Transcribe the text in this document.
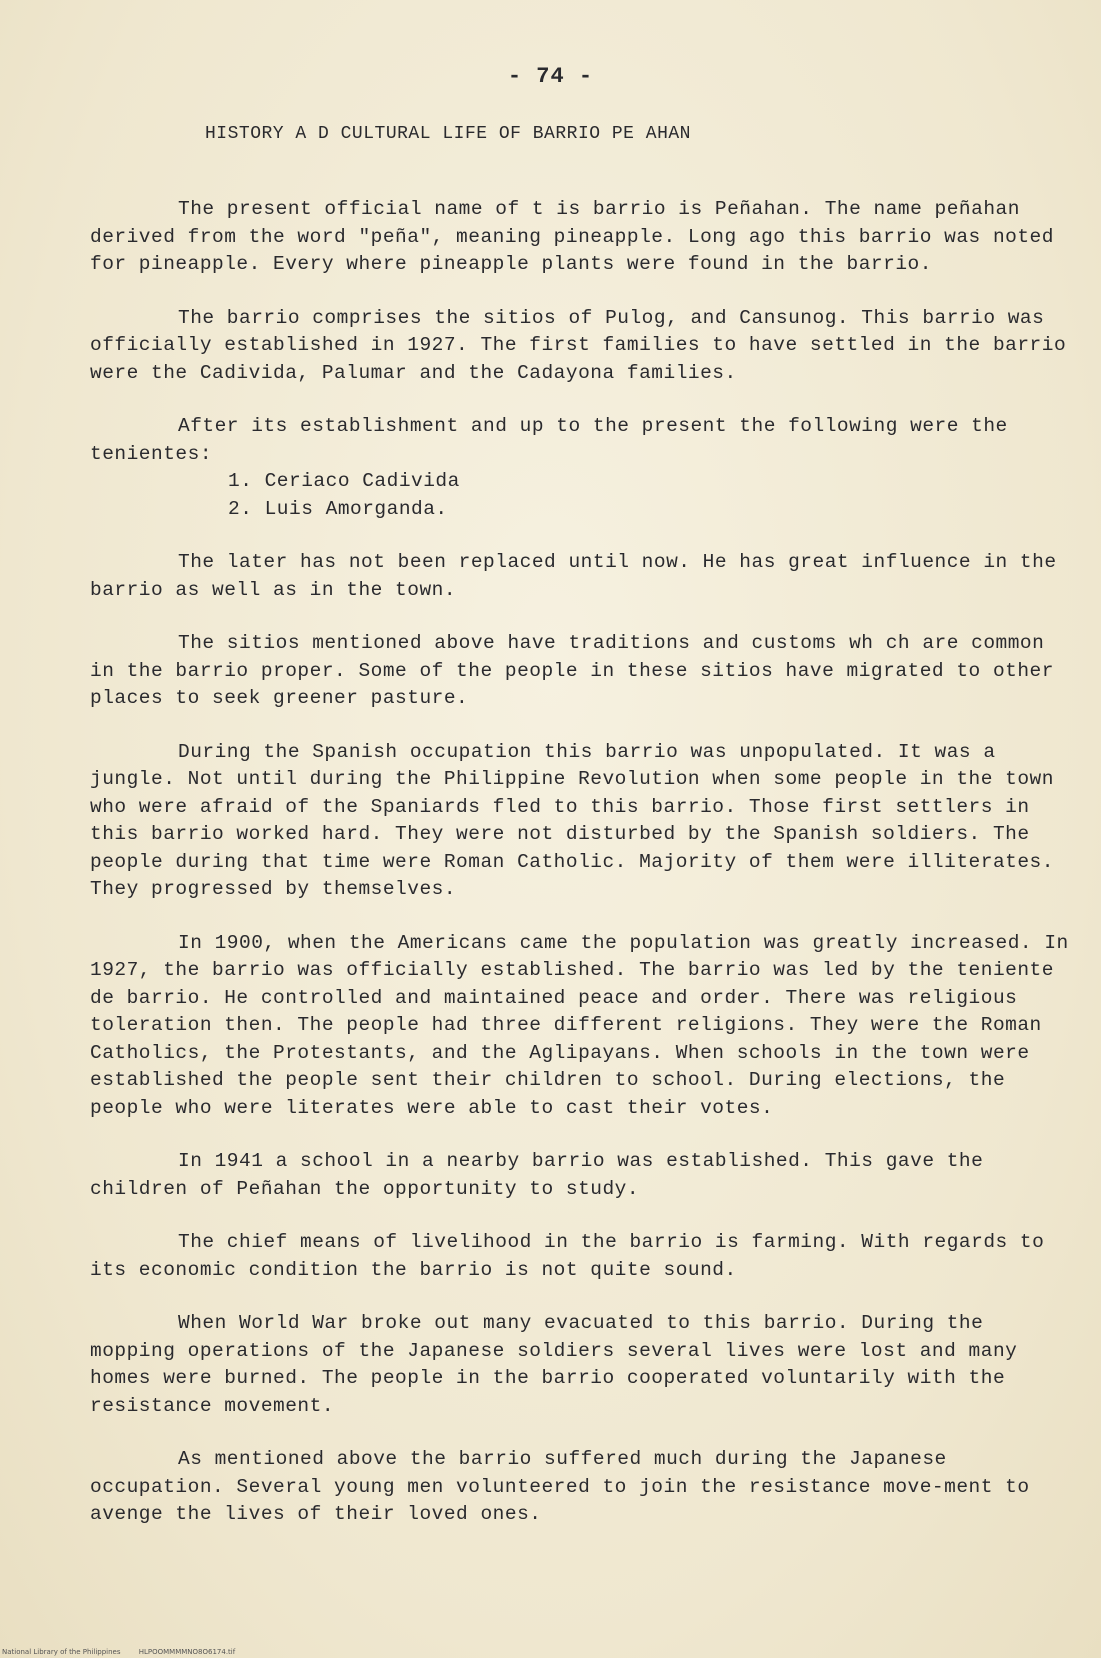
- 74 -
HISTORY A D CULTURAL LIFE OF BARRIO PE AHAN

The present official name of t is barrio is Peñahan. The name peñahan derived from the word "peña", meaning pineapple. Long ago this barrio was noted for pineapple. Every where pineapple plants were found in the barrio.

The barrio comprises the sitios of Pulog, and Cansunog. This barrio was officially established in 1927. The first families to have settled in the barrio were the Cadivida, Palumar and the Cadayona families.

After its establishment and up to the present the following were the tenientes:

1. Ceriaco Cadivida
2. Luis Amorganda.

The later has not been replaced until now. He has great influence in the barrio as well as in the town.

The sitios mentioned above have traditions and customs wh ch are common in the barrio proper. Some of the people in these sitios have migrated to other places to seek greener pasture.

During the Spanish occupation this barrio was unpopulated. It was a jungle. Not until during the Philippine Revolution when some people in the town who were afraid of the Spaniards fled to this barrio. Those first settlers in this barrio worked hard. They were not disturbed by the Spanish soldiers. The people during that time were Roman Catholic. Majority of them were illiterates. They progressed by themselves.

In 1900, when the Americans came the population was greatly increased. In 1927, the barrio was officially established. The barrio was led by the teniente de barrio. He controlled and maintained peace and order. There was religious toleration then. The people had three different religions. They were the Roman Catholics, the Protestants, and the Aglipayans. When schools in the town were established the people sent their children to school. During elections, the people who were literates were able to cast their votes.

In 1941 a school in a nearby barrio was established. This gave the children of Peñahan the opportunity to study.

The chief means of livelihood in the barrio is farming. With regards to its economic condition the barrio is not quite sound.

When World War broke out many evacuated to this barrio. During the mopping operations of the Japanese soldiers several lives were lost and many homes were burned. The people in the barrio cooperated voluntarily with the resistance movement.

As mentioned above the barrio suffered much during the Japanese occupation. Several young men volunteered to join the resistance move-ment to avenge the lives of their loved ones.

National Library of the Philippines	HLPOOMMMMNO8O6174.tif
